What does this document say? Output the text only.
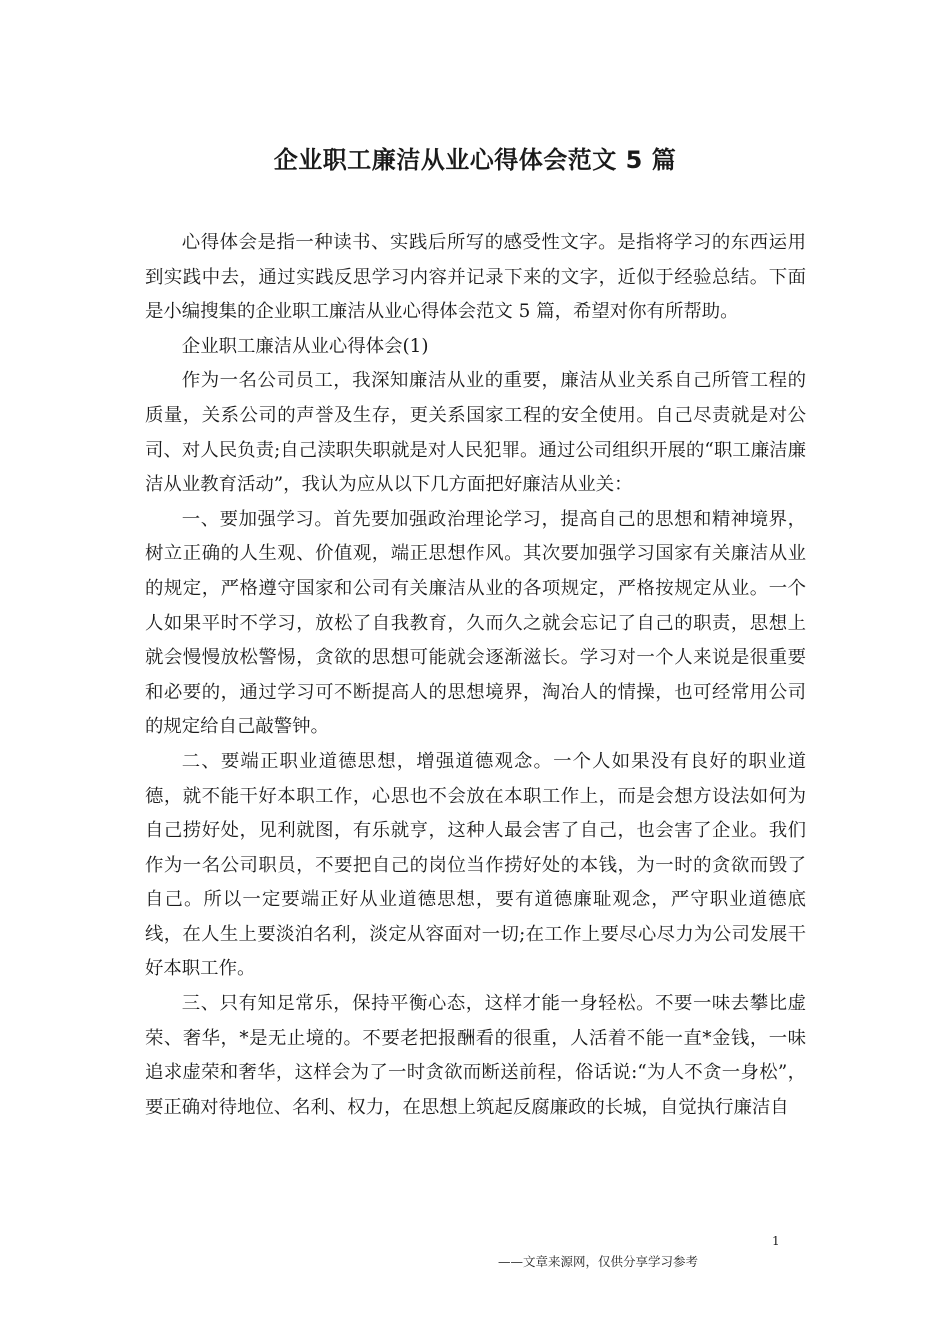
企业职工廉洁从业心得体会范文 5 篇

心得体会是指一种读书、实践后所写的感受性文字。是指将学习的东西运用到实践中去，通过实践反思学习内容并记录下来的文字，近似于经验总结。下面是小编搜集的企业职工廉洁从业心得体会范文 5 篇，希望对你有所帮助。

企业职工廉洁从业心得体会(1)

作为一名公司员工，我深知廉洁从业的重要，廉洁从业关系自己所管工程的质量，关系公司的声誉及生存，更关系国家工程的安全使用。自己尽责就是对公司、对人民负责;自己渎职失职就是对人民犯罪。通过公司组织开展的“职工廉洁廉洁从业教育活动”，我认为应从以下几方面把好廉洁从业关：

一、要加强学习。首先要加强政治理论学习，提高自己的思想和精神境界，树立正确的人生观、价值观，端正思想作风。其次要加强学习国家有关廉洁从业的规定，严格遵守国家和公司有关廉洁从业的各项规定，严格按规定从业。一个人如果平时不学习，放松了自我教育，久而久之就会忘记了自己的职责，思想上就会慢慢放松警惕，贪欲的思想可能就会逐渐滋长。学习对一个人来说是很重要和必要的，通过学习可不断提高人的思想境界，淘冶人的情操，也可经常用公司的规定给自己敲警钟。

二、要端正职业道德思想，增强道德观念。一个人如果没有良好的职业道德，就不能干好本职工作，心思也不会放在本职工作上，而是会想方设法如何为自己捞好处，见利就图，有乐就亨，这种人最会害了自己，也会害了企业。我们作为一名公司职员，不要把自己的岗位当作捞好处的本钱，为一时的贪欲而毁了自己。所以一定要端正好从业道德思想，要有道德廉耻观念，严守职业道德底线，在人生上要淡泊名利，淡定从容面对一切;在工作上要尽心尽力为公司发展干好本职工作。

三、只有知足常乐，保持平衡心态，这样才能一身轻松。不要一味去攀比虚荣、奢华，*是无止境的。不要老把报酬看的很重，人活着不能一直*金钱，一味追求虚荣和奢华，这样会为了一时贪欲而断送前程，俗话说:“为人不贪一身松”，要正确对待地位、名利、权力，在思想上筑起反腐廉政的长城，自觉执行廉洁自

1
——文章来源网，仅供分享学习参考
